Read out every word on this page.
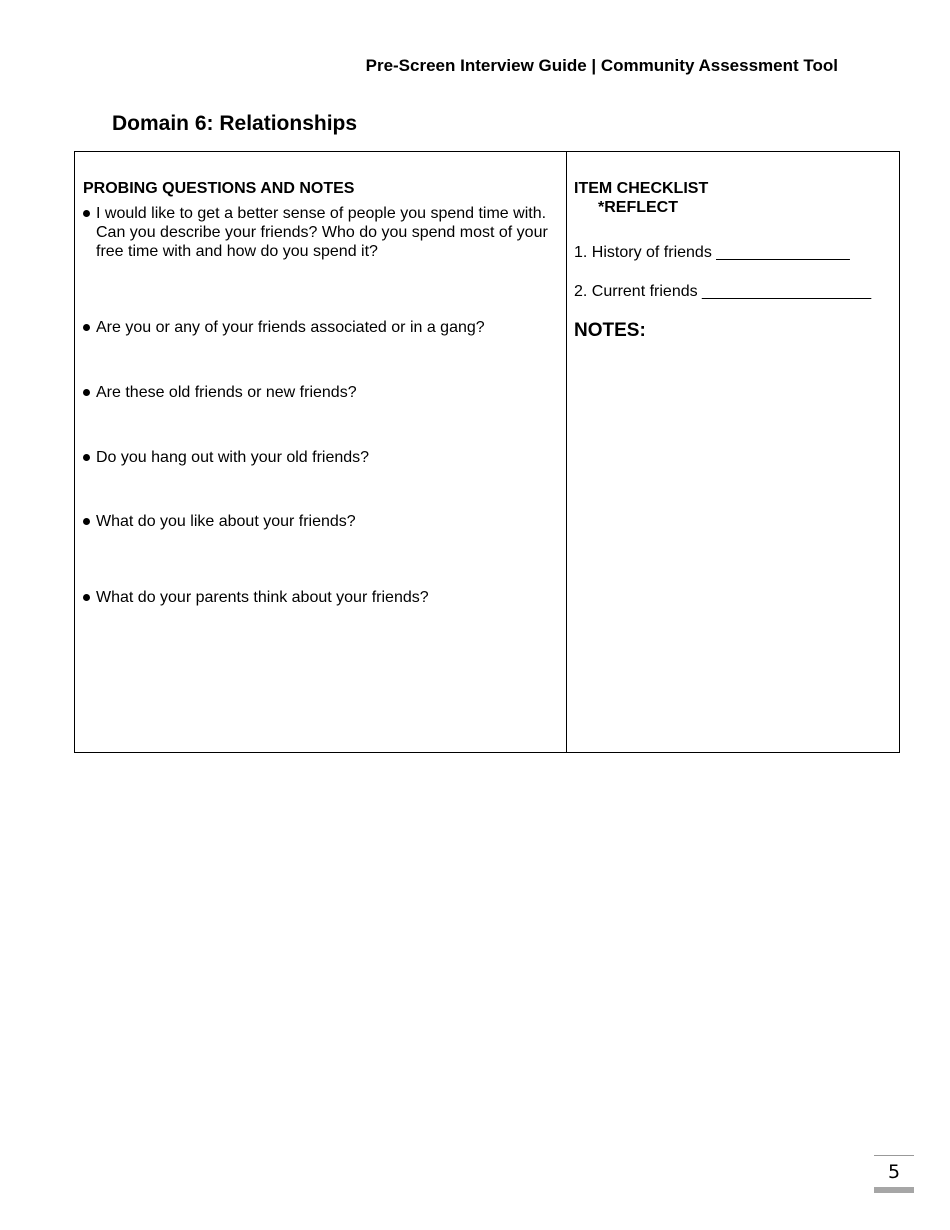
Pre-Screen Interview Guide | Community Assessment Tool
Domain 6: Relationships
PROBING QUESTIONS AND NOTES
I would like to get a better sense of people you spend time with. Can you describe your friends? Who do you spend most of your free time with and how do you spend it?
Are you or any of your friends associated or in a gang?
Are these old friends or new friends?
Do you hang out with your old friends?
What do you like about your friends?
What do your parents think about your friends?
ITEM CHECKLIST
*REFLECT
1. History of friends _______________
2. Current friends ___________________
NOTES:
5
